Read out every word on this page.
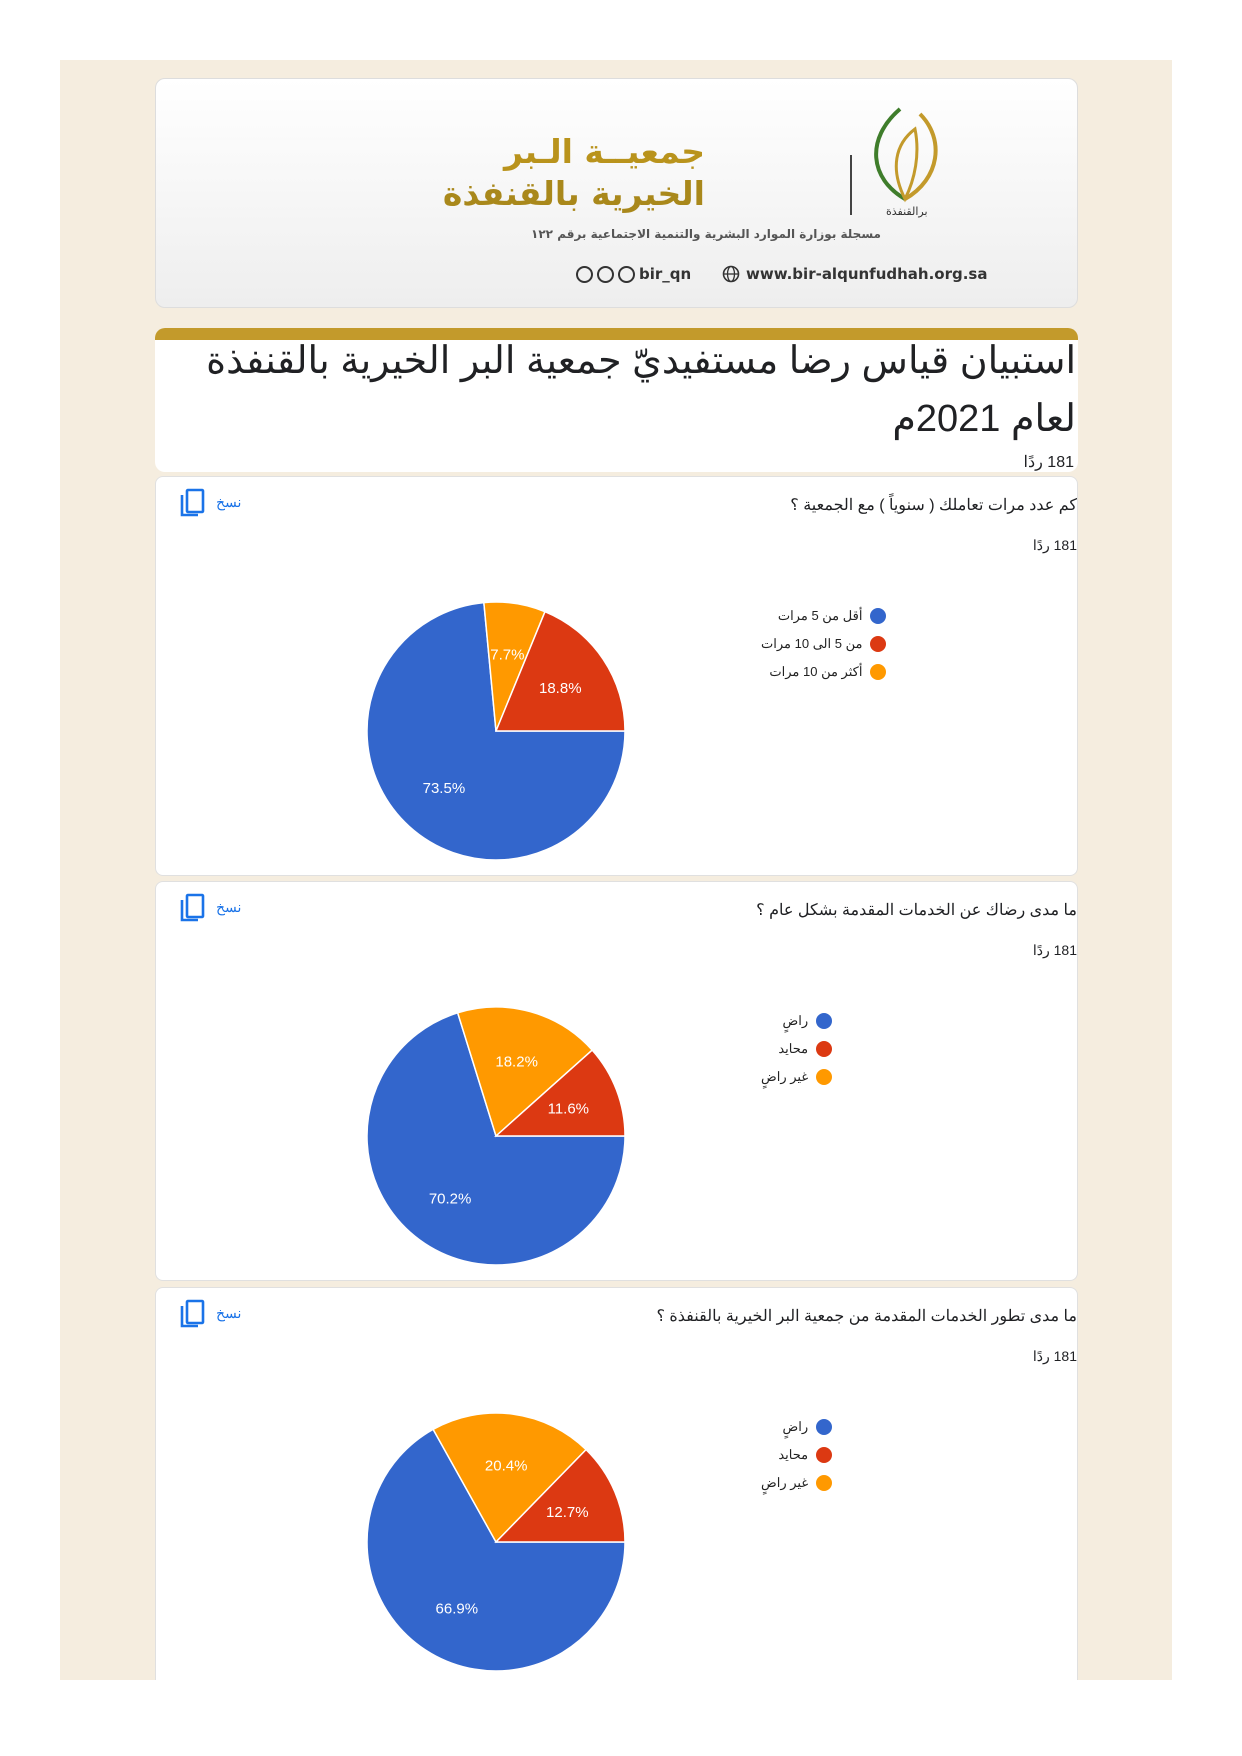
جمعيــة الـبر
الخيرية بالقنفذة	برالقنفذة
مسجلة بوزارة الموارد البشرية والتنمية الاجتماعية برقم ١٢٢
bir_qn	www.bir-alqunfudhah.org.sa
استبيان قياس رضا مستفيديّ جمعية البر الخيرية بالقنفذة لعام 2021م
181 ردًا
نسخ	كم عدد مرات تعاملك ( سنوياً ) مع الجمعية ؟
181 ردًا
73.5%
7.7%
18.8%
أقل من 5 مرات
من 5 الى 10 مرات
أكثر من 10 مرات
نسخ	ما مدى رضاك عن الخدمات المقدمة بشكل عام ؟
181 ردًا
70.2%
18.2%
11.6%
راضٍ
محايد
غير راضٍ
نسخ	ما مدى تطور الخدمات المقدمة من جمعية البر الخيرية بالقنفذة ؟
181 ردًا
66.9%
20.4%
12.7%
راضٍ
محايد
غير راضٍ
